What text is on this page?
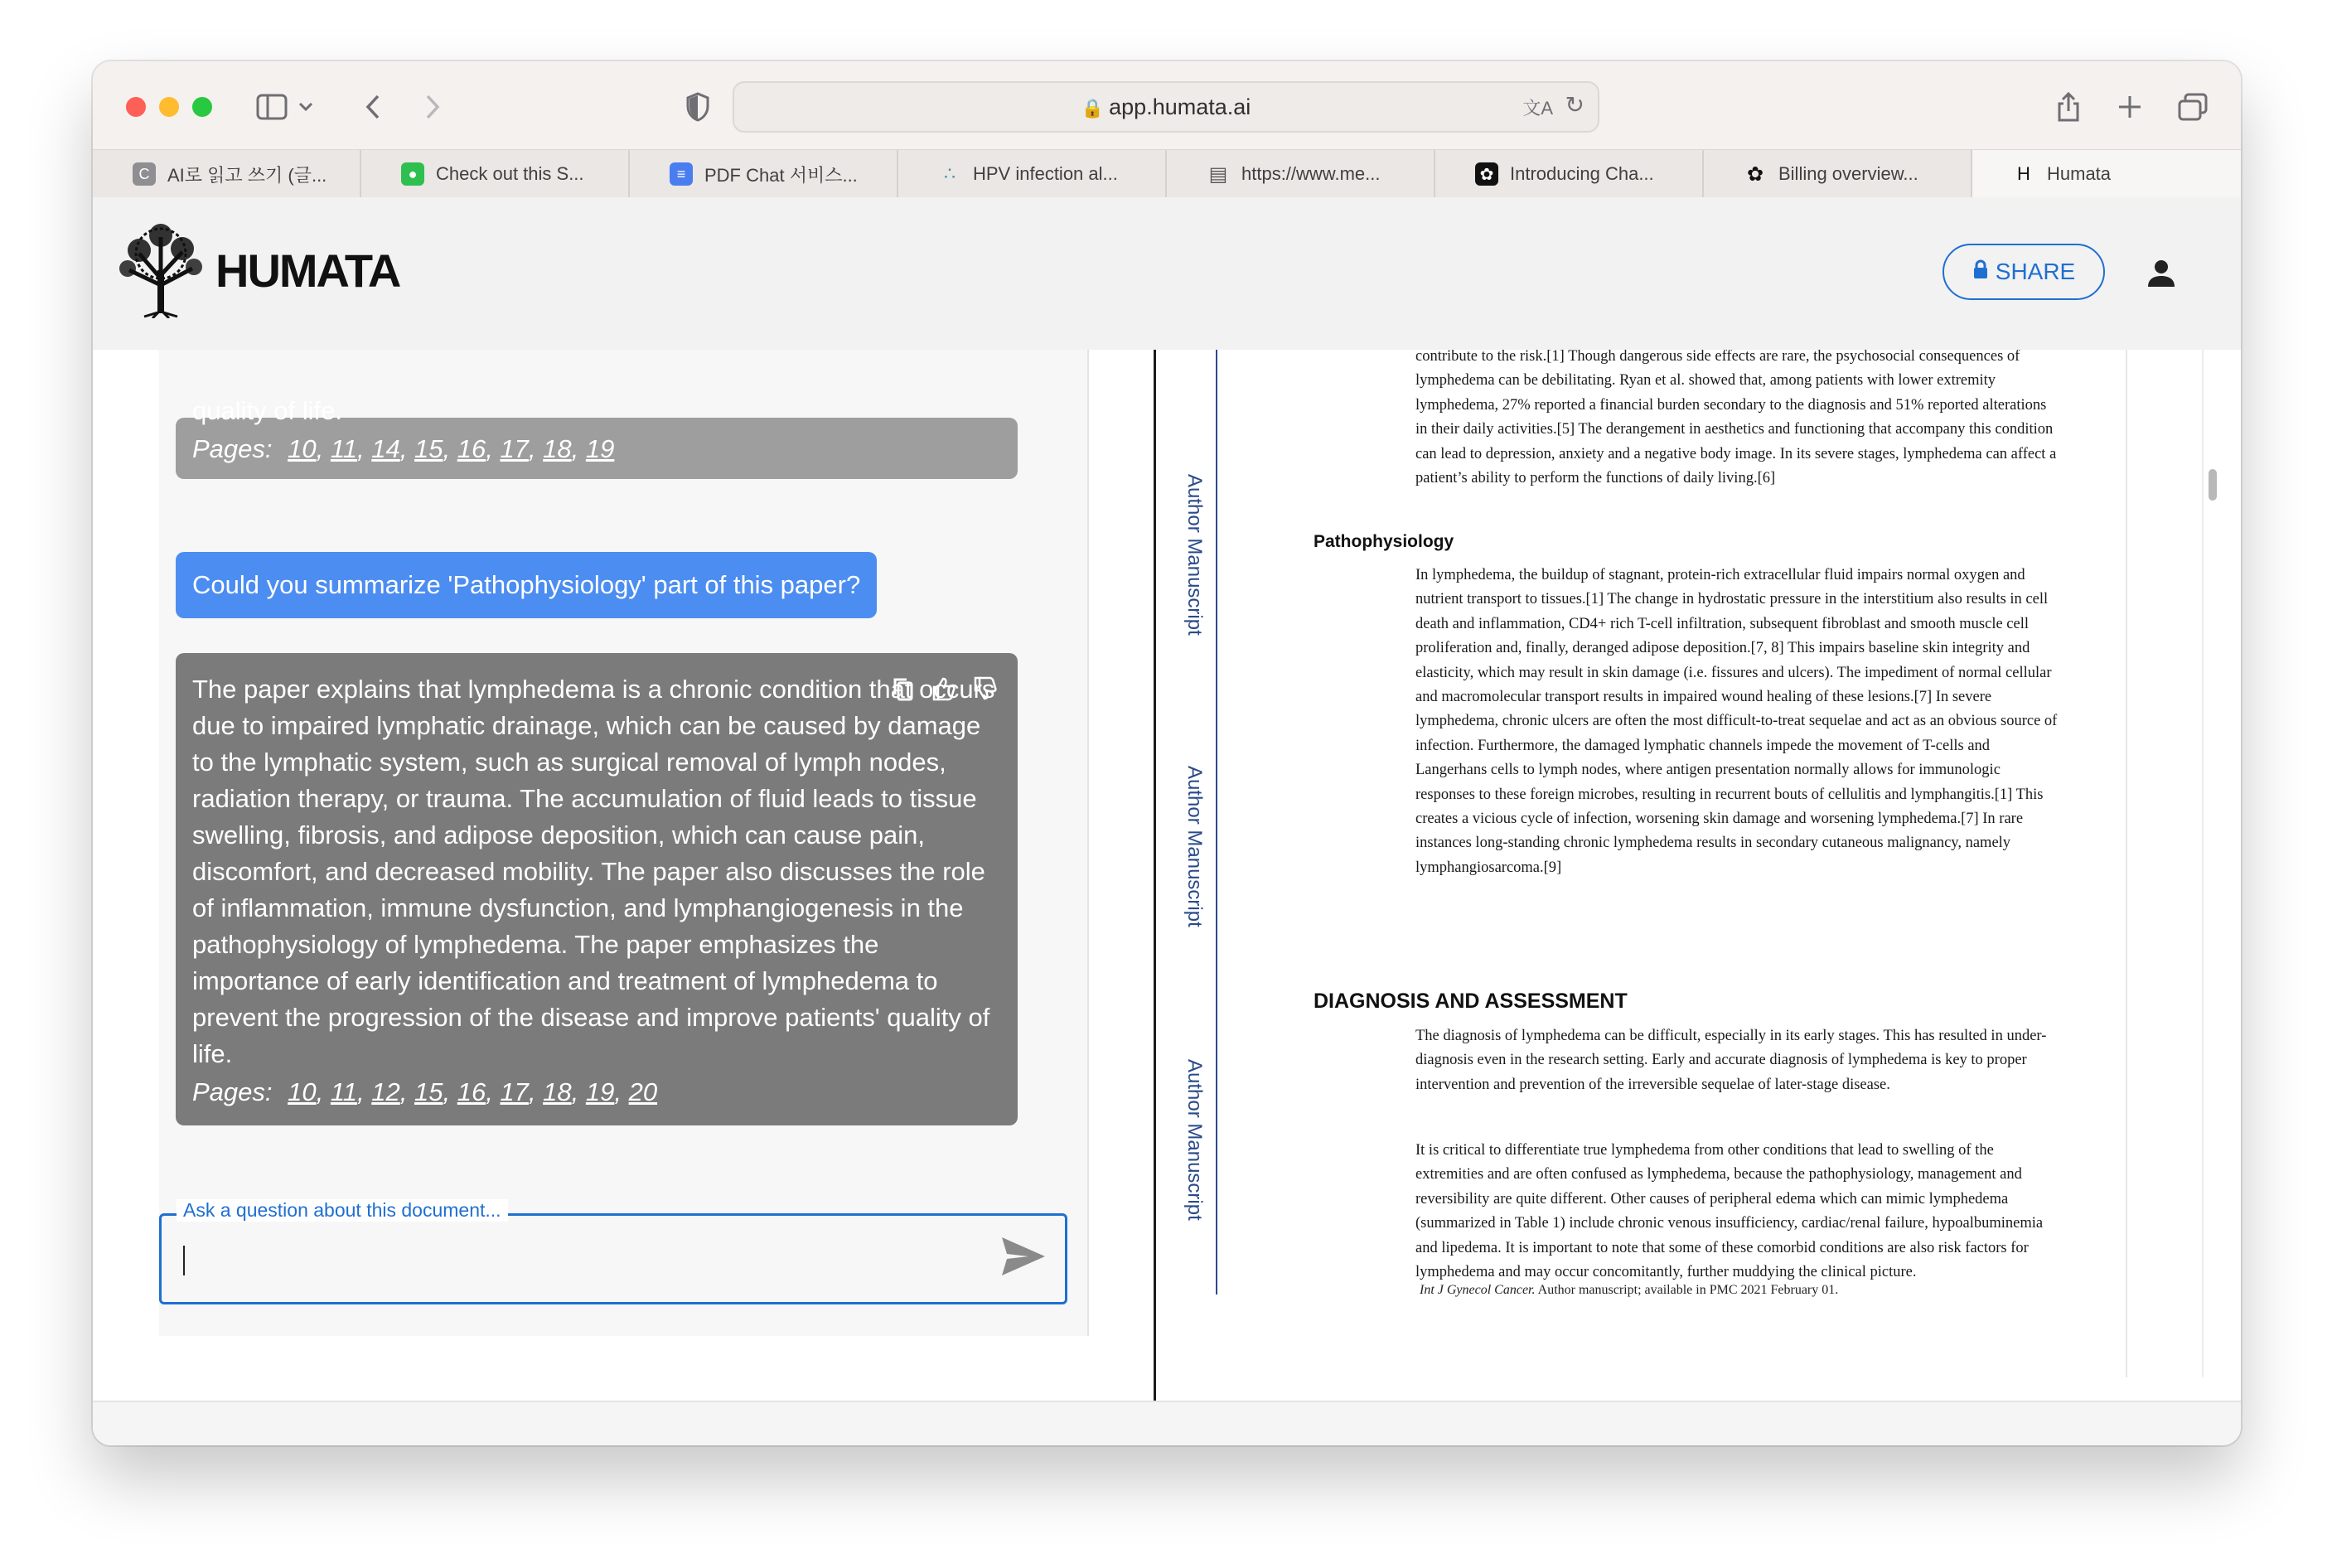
🔒 app.humata.ai	文A ↻
C AI로 읽고 쓰기 (글...	●	Check out this S...	≡	PDF Chat 서비스...	∴ HPV infection al...	▤ https://www.me...	✿ Introducing Cha...	✿ Billing overview...	H Humata
HUMATA	SHARE
quality of life.
Pages: 10, 11, 14, 15, 16, 17, 18, 19
Could you summarize 'Pathophysiology' part of this paper?
The paper explains that lymphedema is a chronic condition that occurs due to impaired lymphatic drainage, which can be caused by damage to the lymphatic system, such as surgical removal of lymph nodes, radiation therapy, or trauma. The accumulation of fluid leads to tissue swelling, fibrosis, and adipose deposition, which can cause pain, discomfort, and decreased mobility. The paper also discusses the role of inflammation, immune dysfunction, and lymphangiogenesis in the pathophysiology of lymphedema. The paper emphasizes the importance of early identification and treatment of lymphedema to prevent the progression of the disease and improve patients' quality of life.
Pages: 10, 11, 12, 15, 16, 17, 18, 19, 20
Ask a question about this document...
Author Manuscript
Author Manuscript
Author Manuscript
contribute to the risk.[1] Though dangerous side effects are rare, the psychosocial consequences of lymphedema can be debilitating. Ryan et al. showed that, among patients with lower extremity lymphedema, 27% reported a financial burden secondary to the diagnosis and 51% reported alterations in their daily activities.[5] The derangement in aesthetics and functioning that accompany this condition can lead to depression, anxiety and a negative body image. In its severe stages, lymphedema can affect a patient’s ability to perform the functions of daily living.[6]
Pathophysiology
In lymphedema, the buildup of stagnant, protein-rich extracellular fluid impairs normal oxygen and nutrient transport to tissues.[1] The change in hydrostatic pressure in the interstitium also results in cell death and inflammation, CD4+ rich T-cell infiltration, subsequent fibroblast and smooth muscle cell proliferation and, finally, deranged adipose deposition.[7, 8] This impairs baseline skin integrity and elasticity, which may result in skin damage (i.e. fissures and ulcers). The impediment of normal cellular and macromolecular transport results in impaired wound healing of these lesions.[7] In severe lymphedema, chronic ulcers are often the most difficult-to-treat sequelae and act as an obvious source of infection. Furthermore, the damaged lymphatic channels impede the movement of T-cells and Langerhans cells to lymph nodes, where antigen presentation normally allows for immunologic responses to these foreign microbes, resulting in recurrent bouts of cellulitis and lymphangitis.[1] This creates a vicious cycle of infection, worsening skin damage and worsening lymphedema.[7] In rare instances long-standing chronic lymphedema results in secondary cutaneous malignancy, namely lymphangiosarcoma.[9]
DIAGNOSIS AND ASSESSMENT
The diagnosis of lymphedema can be difficult, especially in its early stages. This has resulted in under-diagnosis even in the research setting. Early and accurate diagnosis of lymphedema is key to proper intervention and prevention of the irreversible sequelae of later-stage disease.
It is critical to differentiate true lymphedema from other conditions that lead to swelling of the extremities and are often confused as lymphedema, because the pathophysiology, management and reversibility are quite different. Other causes of peripheral edema which can mimic lymphedema (summarized in Table 1) include chronic venous insufficiency, cardiac/renal failure, hypoalbuminemia and lipedema. It is important to note that some of these comorbid conditions are also risk factors for lymphedema and may occur concomitantly, further muddying the clinical picture.
Int J Gynecol Cancer. Author manuscript; available in PMC 2021 February 01.
